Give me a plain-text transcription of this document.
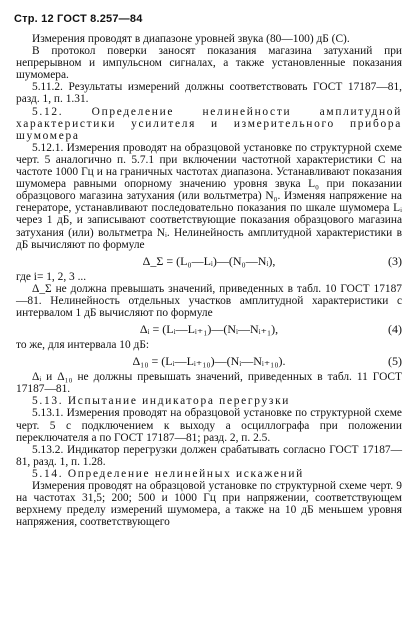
Стр. 12 ГОСТ 8.257—84

Измерения проводят в диапазоне уровней звука (80—100) дБ (С).

В протокол поверки заносят показания магазина затуханий при непрерывном и импульсном сигналах, а также установленные показания шумомера.

5.11.2. Результаты измерений должны соответствовать ГОСТ 17187—81, разд. 1, п. 1.31.

5.12. Определение нелинейности амплитудной характеристики усилителя и измерительного прибора шумомера

5.12.1. Измерения проводят на образцовой установке по структурной схеме черт. 5 аналогично п. 5.7.1 при включении частотной характеристики С на частоте 1000 Гц и на граничных частотах диапазона. Устанавливают показания шумомера равными опорному значению уровня звука L₀ при показании образцового магазина затухания (или вольтметра) N₀. Изменяя напряжение на генераторе, устанавливают последовательно показания по шкале шумомера Lᵢ через 1 дБ, и записывают соответствующие показания образцового магазина затухания (или) вольтметра Nᵢ. Нелинейность амплитудной характеристики в дБ вычисляют по формуле

Δ_Σ = (L₀—Lᵢ)—(N₀—Nᵢ),	(3)

где i= 1, 2, 3 ...

Δ_Σ не должна превышать значений, приведенных в табл. 10 ГОСТ 17187—81. Нелинейность отдельных участков амплитудной характеристики с интервалом 1 дБ вычисляют по формуле

Δᵢ = (Lᵢ—Lᵢ₊₁)—(Nᵢ—Nᵢ₊₁),	(4)

то же, для интервала 10 дБ:

Δ₁₀ = (Lᵢ—Lᵢ₊₁₀)—(Nᵢ—Nᵢ₊₁₀).	(5)

Δᵢ и Δ₁₀ не должны превышать значений, приведенных в табл. 11 ГОСТ 17187—81.

5.13. Испытание индикатора перегрузки

5.13.1. Измерения проводят на образцовой установке по структурной схеме черт. 5 с подключением к выходу а осциллографа при положении переключателя а по ГОСТ 17187—81; разд. 2, п. 2.5.

5.13.2. Индикатор перегрузки должен срабатывать согласно ГОСТ 17187—81, разд. 1, п. 1.28.

5.14. Определение нелинейных искажений

Измерения проводят на образцовой установке по структурной схеме черт. 9 на частотах 31,5; 200; 500 и 1000 Гц при напряжении, соответствующем верхнему пределу измерений шумомера, а также на 10 дБ меньшем уровня напряжения, соответствующего
